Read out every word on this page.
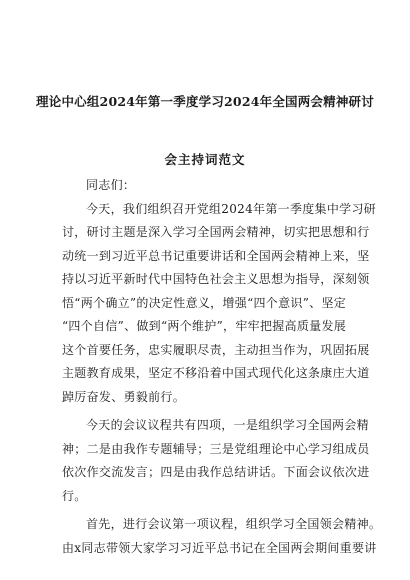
理论中心组2024年第一季度学习2024年全国两会精神研讨
会主持词范文

同志们：

今天，我们组织召开党组2024年第一季度集中学习研
讨，研讨主题是深入学习全国两会精神，切实把思想和行
动统一到习近平总书记重要讲话和全国两会精神上来，坚
持以习近平新时代中国特色社会主义思想为指导，深刻领
悟“两个确立”的决定性意义，增强“四个意识”、坚定
“四个自信”、做到“两个维护”，牢牢把握高质量发展
这个首要任务，忠实履职尽责，主动担当作为，巩固拓展
主题教育成果，坚定不移沿着中国式现代化这条康庄大道
踔厉奋发、勇毅前行。

今天的会议议程共有四项，一是组织学习全国两会精
神；二是由我作专题辅导；三是党组理论中心学习组成员
依次作交流发言；四是由我作总结讲话。下面会议依次进
行。

首先，进行会议第一项议程，组织学习全国领会精神。
由x同志带领大家学习习近平总书记在全国两会期间重要讲
